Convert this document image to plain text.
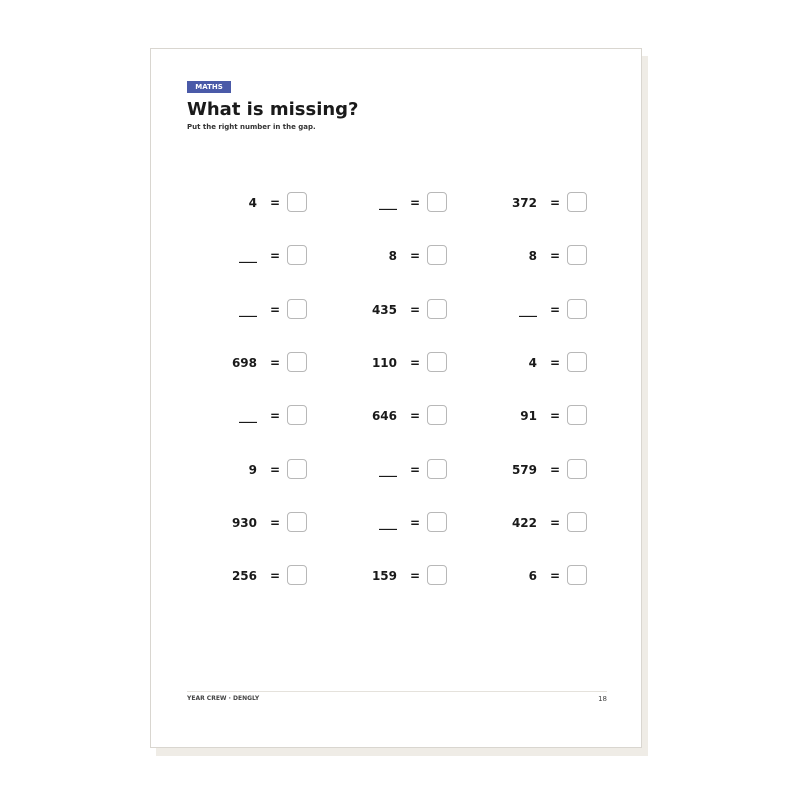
MATHS
What is missing?
Put the right number in the gap.
4 =	___ =	372 =
___ =	8 =	8 =
___ =	435 =	___ =
698 =	110 =	4 =
___ =	646 =	91 =
9 =	___ =	579 =
930 =	___ =	422 =
256 =	159 =	6 =
YEAR CREW · DENGLY	18
